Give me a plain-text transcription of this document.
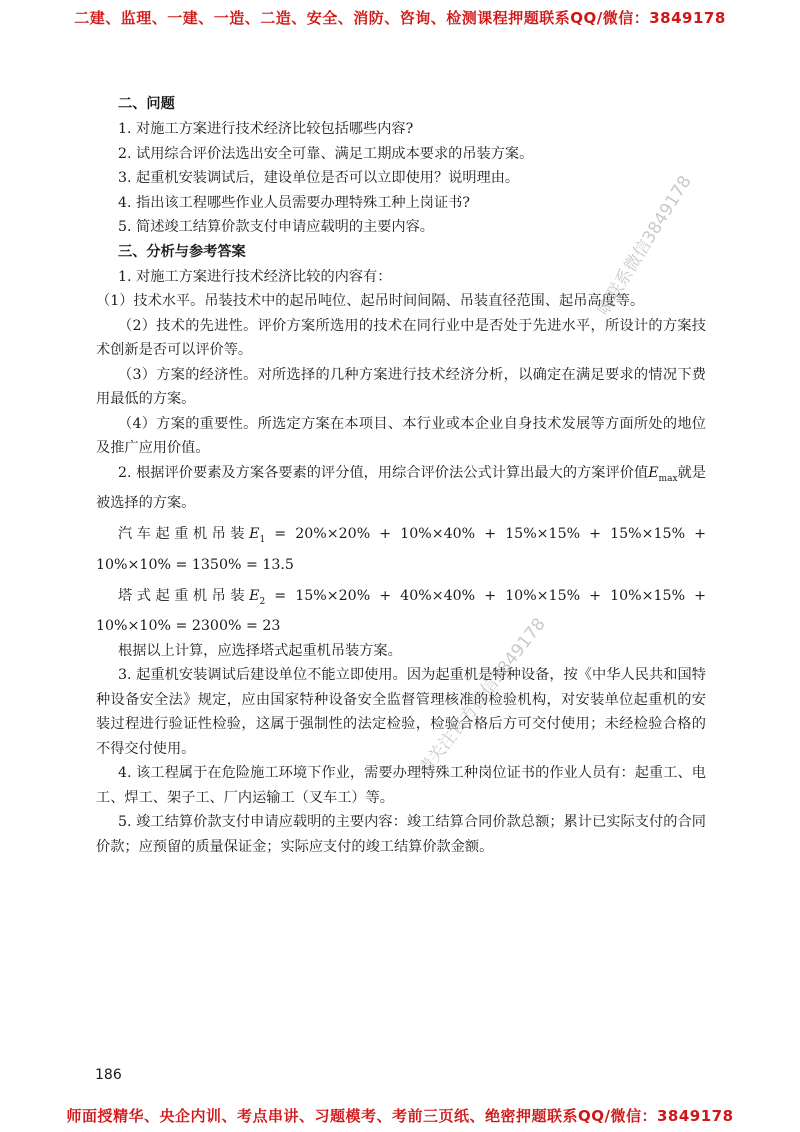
二建、监理、一建、一造、二造、安全、消防、咨询、检测课程押题联系QQ/微信：3849178

二、问题

1. 对施工方案进行技术经济比较包括哪些内容?

2. 试用综合评价法选出安全可靠、满足工期成本要求的吊装方案。

3. 起重机安装调试后，建设单位是否可以立即使用？说明理由。

4. 指出该工程哪些作业人员需要办理特殊工种上岗证书?

5. 简述竣工结算价款支付申请应载明的主要内容。

三、分析与参考答案

1. 对施工方案进行技术经济比较的内容有：

（1）技术水平。吊装技术中的起吊吨位、起吊时间间隔、吊装直径范围、起吊高度等。

（2）技术的先进性。评价方案所选用的技术在同行业中是否处于先进水平，所设计的方案技术创新是否可以评价等。

（3）方案的经济性。对所选择的几种方案进行技术经济分析，以确定在满足要求的情况下费用最低的方案。

（4）方案的重要性。所选定方案在本项目、本行业或本企业自身技术发展等方面所处的地位及推广应用价值。

2. 根据评价要素及方案各要素的评分值，用综合评价法公式计算出最大的方案评价值$E_{max}$就是被选择的方案。

汽车起重机吊装$E_1 = 20\%\times 20\% + 10\%\times 40\% + 15\%\times 15\% + 15\%\times 15\% + 10\%\times 10\% = 1350\% = 13.5$

塔式起重机吊装$E_2 = 15\%\times 20\% + 40\%\times 40\% + 10\%\times 15\% + 10\%\times 15\% + 10\%\times 10\% = 2300\% = 23$

根据以上计算，应选择塔式起重机吊装方案。

3. 起重机安装调试后建设单位不能立即使用。因为起重机是特种设备，按《中华人民共和国特种设备安全法》规定，应由国家特种设备安全监督管理核准的检验机构，对安装单位起重机的安装过程进行验证性检验，这属于强制性的法定检验，检验合格后方可交付使用；未经检验合格的不得交付使用。

4. 该工程属于在危险施工环境下作业，需要办理特殊工种岗位证书的作业人员有：起重工、电工、焊工、架子工、厂内运输工（叉车工）等。

5. 竣工结算价款支付申请应载明的主要内容：竣工结算合同价款总额；累计已实际支付的合同价款；应预留的质量保证金；实际应支付的竣工结算价款金额。

嗨联系微信3849178
请关注官方微信3849178
186
师面授精华、央企内训、考点串讲、习题模考、考前三页纸、绝密押题联系QQ/微信：3849178
